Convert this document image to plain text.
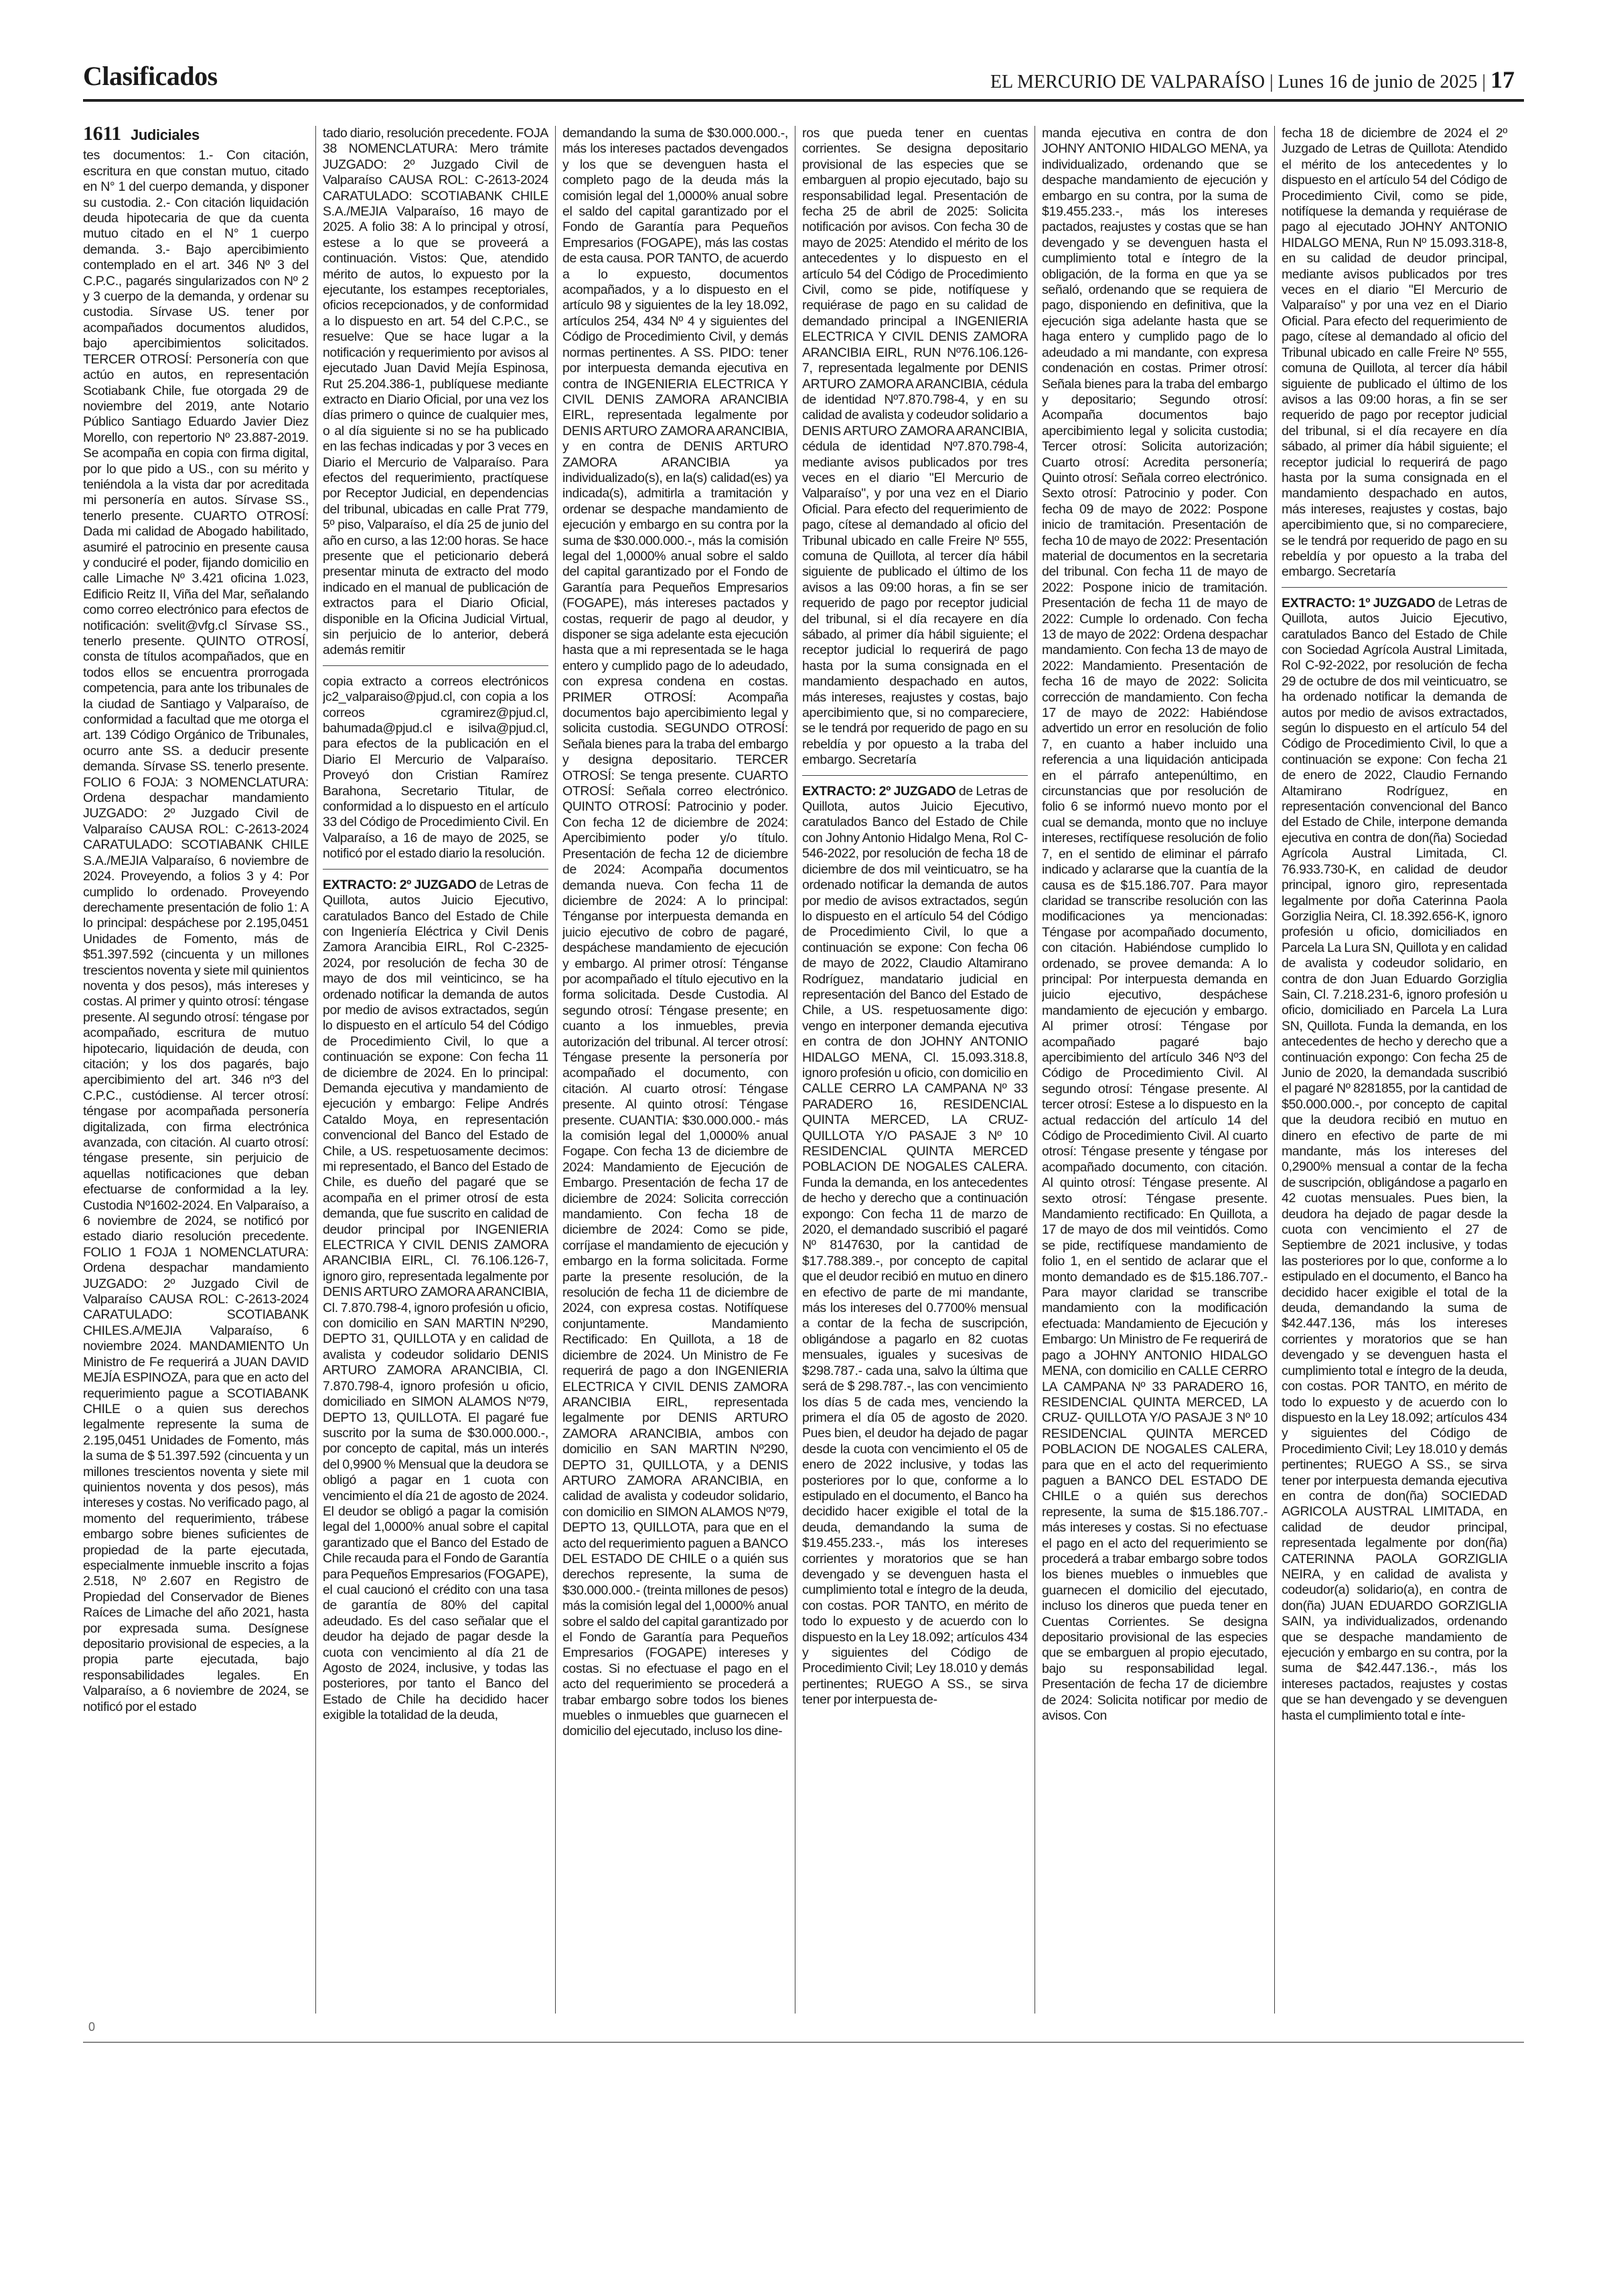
Clasificados	EL MERCURIO DE VALPARAÍSO | Lunes 16 de junio de 2025 | 17
1611 Judiciales

tes documentos: 1.- Con citación, escritura en que constan mutuo, citado en N° 1 del cuerpo demanda, y disponer su custodia. 2.- Con citación liquidación deuda hipotecaria de que da cuenta mutuo citado en el N° 1 cuerpo demanda. 3.- Bajo apercibimiento contemplado en el art. 346 Nº 3 del C.P.C., pagarés singularizados con Nº 2 y 3 cuerpo de la demanda, y ordenar su custodia. Sírvase US. tener por acompañados documentos aludidos, bajo apercibimientos solicitados. TERCER OTROSÍ: Personería con que actúo en autos, en representación Scotiabank Chile, fue otorgada 29 de noviembre del 2019, ante Notario Público Santiago Eduardo Javier Diez Morello, con repertorio Nº 23.887-2019. Se acompaña en copia con firma digital, por lo que pido a US., con su mérito y teniéndola a la vista dar por acreditada mi personería en autos. Sírvase SS., tenerlo presente. CUARTO OTROSÍ: Dada mi calidad de Abogado habilitado, asumiré el patrocinio en presente causa y conduciré el poder, fijando domicilio en calle Limache Nº 3.421 oficina 1.023, Edificio Reitz II, Viña del Mar, señalando como correo electrónico para efectos de notificación: svelit@vfg.cl Sírvase SS., tenerlo presente. QUINTO OTROSÍ, consta de títulos acompañados, que en todos ellos se encuentra prorrogada competencia, para ante los tribunales de la ciudad de Santiago y Valparaíso, de conformidad a facultad que me otorga el art. 139 Código Orgánico de Tribunales, ocurro ante SS. a deducir presente demanda. Sírvase SS. tenerlo presente. FOLIO 6 FOJA: 3 NOMENCLATURA: Ordena despachar mandamiento JUZGADO: 2º Juzgado Civil de Valparaíso CAUSA ROL: C-2613-2024 CARATULADO: SCOTIABANK CHILE S.A./MEJIA Valparaíso, 6 noviembre de 2024. Proveyendo, a folios 3 y 4: Por cumplido lo ordenado. Proveyendo derechamente presentación de folio 1: A lo principal: despáchese por 2.195,0451 Unidades de Fomento, más de $51.397.592 (cincuenta y un millones trescientos noventa y siete mil quinientos noventa y dos pesos), más intereses y costas. Al primer y quinto otrosí: téngase presente. Al segundo otrosí: téngase por acompañado, escritura de mutuo hipotecario, liquidación de deuda, con citación; y los dos pagarés, bajo apercibimiento del art. 346 nº3 del C.P.C., custódiense. Al tercer otrosí: téngase por acompañada personería digitalizada, con firma electrónica avanzada, con citación. Al cuarto otrosí: téngase presente, sin perjuicio de aquellas notificaciones que deban efectuarse de conformidad a la ley. Custodia Nº1602-2024. En Valparaíso, a 6 noviembre de 2024, se notificó por estado diario resolución precedente. FOLIO 1 FOJA 1 NOMENCLATURA: Ordena despachar mandamiento JUZGADO: 2º Juzgado Civil de Valparaíso CAUSA ROL: C-2613-2024 CARATULADO: SCOTIABANK CHILES.A/MEJIA Valparaíso, 6 noviembre 2024. MANDAMIENTO Un Ministro de Fe requerirá a JUAN DAVID MEJÍA ESPINOZA, para que en acto del requerimiento pague a SCOTIABANK CHILE o a quien sus derechos legalmente represente la suma de 2.195,0451 Unidades de Fomento, más la suma de $ 51.397.592 (cincuenta y un millones trescientos noventa y siete mil quinientos noventa y dos pesos), más intereses y costas. No verificado pago, al momento del requerimiento, trábese embargo sobre bienes suficientes de propiedad de la parte ejecutada, especialmente inmueble inscrito a fojas 2.518, Nº 2.607 en Registro de Propiedad del Conservador de Bienes Raíces de Limache del año 2021, hasta por expresada suma. Desígnese depositario provisional de especies, a la propia parte ejecutada, bajo responsabilidades legales. En Valparaíso, a 6 noviembre de 2024, se notificó por el estado

tado diario, resolución precedente. FOJA 38 NOMENCLATURA: Mero trámite JUZGADO: 2º Juzgado Civil de Valparaíso CAUSA ROL: C-2613-2024 CARATULADO: SCOTIABANK CHILE S.A./MEJIA Valparaíso, 16 mayo de 2025. A folio 38: A lo principal y otrosí, estese a lo que se proveerá a continuación. Vistos: Que, atendido mérito de autos, lo expuesto por la ejecutante, los estampes receptoriales, oficios recepcionados, y de conformidad a lo dispuesto en art. 54 del C.P.C., se resuelve: Que se hace lugar a la notificación y requerimiento por avisos al ejecutado Juan David Mejía Espinosa, Rut 25.204.386-1, publíquese mediante extracto en Diario Oficial, por una vez los días primero o quince de cualquier mes, o al día siguiente si no se ha publicado en las fechas indicadas y por 3 veces en Diario el Mercurio de Valparaíso. Para efectos del requerimiento, practíquese por Receptor Judicial, en dependencias del tribunal, ubicadas en calle Prat 779, 5º piso, Valparaíso, el día 25 de junio del año en curso, a las 12:00 horas. Se hace presente que el peticionario deberá presentar minuta de extracto del modo indicado en el manual de publicación de extractos para el Diario Oficial, disponible en la Oficina Judicial Virtual, sin perjuicio de lo anterior, deberá además remitir

copia extracto a correos electrónicos jc2_valparaiso@pjud.cl, con copia a los correos cgramirez@pjud.cl, bahumada@pjud.cl e isilva@pjud.cl, para efectos de la publicación en el Diario El Mercurio de Valparaíso. Proveyó don Cristian Ramírez Barahona, Secretario Titular, de conformidad a lo dispuesto en el artículo 33 del Código de Procedimiento Civil. En Valparaíso, a 16 de mayo de 2025, se notificó por el estado diario la resolución.

EXTRACTO: 2º JUZGADO de Letras de Quillota, autos Juicio Ejecutivo, caratulados Banco del Estado de Chile con Ingeniería Eléctrica y Civil Denis Zamora Arancibia EIRL, Rol C-2325-2024, por resolución de fecha 30 de mayo de dos mil veinticinco, se ha ordenado notificar la demanda de autos por medio de avisos extractados, según lo dispuesto en el artículo 54 del Código de Procedimiento Civil, lo que a continuación se expone: Con fecha 11 de diciembre de 2024. En lo principal: Demanda ejecutiva y mandamiento de ejecución y embargo: Felipe Andrés Cataldo Moya, en representación convencional del Banco del Estado de Chile, a US. respetuosamente decimos: mi representado, el Banco del Estado de Chile, es dueño del pagaré que se acompaña en el primer otrosí de esta demanda, que fue suscrito en calidad de deudor principal por INGENIERIA ELECTRICA Y CIVIL DENIS ZAMORA ARANCIBIA EIRL, Cl. 76.106.126-7, ignoro giro, representada legalmente por DENIS ARTURO ZAMORA ARANCIBIA, Cl. 7.870.798-4, ignoro profesión u oficio, con domicilio en SAN MARTIN Nº290, DEPTO 31, QUILLOTA y en calidad de avalista y codeudor solidario DENIS ARTURO ZAMORA ARANCIBIA, Cl. 7.870.798-4, ignoro profesión u oficio, domiciliado en SIMON ALAMOS Nº79, DEPTO 13, QUILLOTA. El pagaré fue suscrito por la suma de $30.000.000.-, por concepto de capital, más un interés del 0,9900 % Mensual que la deudora se obligó a pagar en 1 cuota con vencimiento el día 21 de agosto de 2024. El deudor se obligó a pagar la comisión legal del 1,0000% anual sobre el capital garantizado que el Banco del Estado de Chile recauda para el Fondo de Garantía para Pequeños Empresarios (FOGAPE), el cual caucionó el crédito con una tasa de garantía de 80% del capital adeudado. Es del caso señalar que el deudor ha dejado de pagar desde la cuota con vencimiento al día 21 de Agosto de 2024, inclusive, y todas las posteriores, por tanto el Banco del Estado de Chile ha decidido hacer exigible la totalidad de la deuda,

demandando la suma de $30.000.000.-, más los intereses pactados devengados y los que se devenguen hasta el completo pago de la deuda más la comisión legal del 1,0000% anual sobre el saldo del capital garantizado por el Fondo de Garantía para Pequeños Empresarios (FOGAPE), más las costas de esta causa. POR TANTO, de acuerdo a lo expuesto, documentos acompañados, y a lo dispuesto en el artículo 98 y siguientes de la ley 18.092, artículos 254, 434 Nº 4 y siguientes del Código de Procedimiento Civil, y demás normas pertinentes. A SS. PIDO: tener por interpuesta demanda ejecutiva en contra de INGENIERIA ELECTRICA Y CIVIL DENIS ZAMORA ARANCIBIA EIRL, representada legalmente por DENIS ARTURO ZAMORA ARANCIBIA, y en contra de DENIS ARTURO ZAMORA ARANCIBIA ya individualizado(s), en la(s) calidad(es) ya indicada(s), admitirla a tramitación y ordenar se despache mandamiento de ejecución y embargo en su contra por la suma de $30.000.000.-, más la comisión legal del 1,0000% anual sobre el saldo del capital garantizado por el Fondo de Garantía para Pequeños Empresarios (FOGAPE), más intereses pactados y costas, requerir de pago al deudor, y disponer se siga adelante esta ejecución hasta que a mi representada se le haga entero y cumplido pago de lo adeudado, con expresa condena en costas. PRIMER OTROSÍ: Acompaña documentos bajo apercibimiento legal y solicita custodia. SEGUNDO OTROSÍ: Señala bienes para la traba del embargo y designa depositario. TERCER OTROSÍ: Se tenga presente. CUARTO OTROSÍ: Señala correo electrónico. QUINTO OTROSÍ: Patrocinio y poder. Con fecha 12 de diciembre de 2024: Apercibimiento poder y/o título. Presentación de fecha 12 de diciembre de 2024: Acompaña documentos demanda nueva. Con fecha 11 de diciembre de 2024: A lo principal: Ténganse por interpuesta demanda en juicio ejecutivo de cobro de pagaré, despáchese mandamiento de ejecución y embargo. Al primer otrosí: Ténganse por acompañado el título ejecutivo en la forma solicitada. Desde Custodia. Al segundo otrosí: Téngase presente; en cuanto a los inmuebles, previa autorización del tribunal. Al tercer otrosí: Téngase presente la personería por acompañado el documento, con citación. Al cuarto otrosí: Téngase presente. Al quinto otrosí: Téngase presente. CUANTIA: $30.000.000.- más la comisión legal del 1,0000% anual Fogape. Con fecha 13 de diciembre de 2024: Mandamiento de Ejecución de Embargo. Presentación de fecha 17 de diciembre de 2024: Solicita corrección mandamiento. Con fecha 18 de diciembre de 2024: Como se pide, corríjase el mandamiento de ejecución y embargo en la forma solicitada. Forme parte la presente resolución, de la resolución de fecha 11 de diciembre de 2024, con expresa costas. Notifíquese conjuntamente. Mandamiento Rectificado: En Quillota, a 18 de diciembre de 2024. Un Ministro de Fe requerirá de pago a don INGENIERIA ELECTRICA Y CIVIL DENIS ZAMORA ARANCIBIA EIRL, representada legalmente por DENIS ARTURO ZAMORA ARANCIBIA, ambos con domicilio en SAN MARTIN Nº290, DEPTO 31, QUILLOTA, y a DENIS ARTURO ZAMORA ARANCIBIA, en calidad de avalista y codeudor solidario, con domicilio en SIMON ALAMOS Nº79, DEPTO 13, QUILLOTA, para que en el acto del requerimiento paguen a BANCO DEL ESTADO DE CHILE o a quién sus derechos represente, la suma de $30.000.000.- (treinta millones de pesos) más la comisión legal del 1,0000% anual sobre el saldo del capital garantizado por el Fondo de Garantía para Pequeños Empresarios (FOGAPE) intereses y costas. Si no efectuase el pago en el acto del requerimiento se procederá a trabar embargo sobre todos los bienes muebles o inmuebles que guarnecen el domicilio del ejecutado, incluso los dine-

ros que pueda tener en cuentas corrientes. Se designa depositario provisional de las especies que se embarguen al propio ejecutado, bajo su responsabilidad legal. Presentación de fecha 25 de abril de 2025: Solicita notificación por avisos. Con fecha 30 de mayo de 2025: Atendido el mérito de los antecedentes y lo dispuesto en el artículo 54 del Código de Procedimiento Civil, como se pide, notifíquese y requiérase de pago en su calidad de demandado principal a INGENIERIA ELECTRICA Y CIVIL DENIS ZAMORA ARANCIBIA EIRL, RUN Nº76.106.126-7, representada legalmente por DENIS ARTURO ZAMORA ARANCIBIA, cédula de identidad Nº7.870.798-4, y en su calidad de avalista y codeudor solidario a DENIS ARTURO ZAMORA ARANCIBIA, cédula de identidad Nº7.870.798-4, mediante avisos publicados por tres veces en el diario "El Mercurio de Valparaíso", y por una vez en el Diario Oficial. Para efecto del requerimiento de pago, cítese al demandado al oficio del Tribunal ubicado en calle Freire Nº 555, comuna de Quillota, al tercer día hábil siguiente de publicado el último de los avisos a las 09:00 horas, a fin se ser requerido de pago por receptor judicial del tribunal, si el día recayere en día sábado, al primer día hábil siguiente; el receptor judicial lo requerirá de pago hasta por la suma consignada en el mandamiento despachado en autos, más intereses, reajustes y costas, bajo apercibimiento que, si no compareciere, se le tendrá por requerido de pago en su rebeldía y por opuesto a la traba del embargo. Secretaría

EXTRACTO: 2º JUZGADO de Letras de Quillota, autos Juicio Ejecutivo, caratulados Banco del Estado de Chile con Johny Antonio Hidalgo Mena, Rol C-546-2022, por resolución de fecha 18 de diciembre de dos mil veinticuatro, se ha ordenado notificar la demanda de autos por medio de avisos extractados, según lo dispuesto en el artículo 54 del Código de Procedimiento Civil, lo que a continuación se expone: Con fecha 06 de mayo de 2022, Claudio Altamirano Rodríguez, mandatario judicial en representación del Banco del Estado de Chile, a US. respetuosamente digo: vengo en interponer demanda ejecutiva en contra de don JOHNY ANTONIO HIDALGO MENA, Cl. 15.093.318.8, ignoro profesión u oficio, con domicilio en CALLE CERRO LA CAMPANA Nº 33 PARADERO 16, RESIDENCIAL QUINTA MERCED, LA CRUZ- QUILLOTA Y/O PASAJE 3 Nº 10 RESIDENCIAL QUINTA MERCED POBLACION DE NOGALES CALERA. Funda la demanda, en los antecedentes de hecho y derecho que a continuación expongo: Con fecha 11 de marzo de 2020, el demandado suscribió el pagaré Nº 8147630, por la cantidad de $17.788.389.-, por concepto de capital que el deudor recibió en mutuo en dinero en efectivo de parte de mi mandante, más los intereses del 0.7700% mensual a contar de la fecha de suscripción, obligándose a pagarlo en 82 cuotas mensuales, iguales y sucesivas de $298.787.- cada una, salvo la última que será de $ 298.787.-, las con vencimiento los días 5 de cada mes, venciendo la primera el día 05 de agosto de 2020. Pues bien, el deudor ha dejado de pagar desde la cuota con vencimiento el 05 de enero de 2022 inclusive, y todas las posteriores por lo que, conforme a lo estipulado en el documento, el Banco ha decidido hacer exigible el total de la deuda, demandando la suma de $19.455.233.-, más los intereses corrientes y moratorios que se han devengado y se devenguen hasta el cumplimiento total e íntegro de la deuda, con costas. POR TANTO, en mérito de todo lo expuesto y de acuerdo con lo dispuesto en la Ley 18.092; artículos 434 y siguientes del Código de Procedimiento Civil; Ley 18.010 y demás pertinentes; RUEGO A SS., se sirva tener por interpuesta de-

manda ejecutiva en contra de don JOHNY ANTONIO HIDALGO MENA, ya individualizado, ordenando que se despache mandamiento de ejecución y embargo en su contra, por la suma de $19.455.233.-, más los intereses pactados, reajustes y costas que se han devengado y se devenguen hasta el cumplimiento total e íntegro de la obligación, de la forma en que ya se señaló, ordenando que se requiera de pago, disponiendo en definitiva, que la ejecución siga adelante hasta que se haga entero y cumplido pago de lo adeudado a mi mandante, con expresa condenación en costas. Primer otrosí: Señala bienes para la traba del embargo y depositario; Segundo otrosí: Acompaña documentos bajo apercibimiento legal y solicita custodia; Tercer otrosí: Solicita autorización; Cuarto otrosí: Acredita personería; Quinto otrosí: Señala correo electrónico. Sexto otrosí: Patrocinio y poder. Con fecha 09 de mayo de 2022: Pospone inicio de tramitación. Presentación de fecha 10 de mayo de 2022: Presentación material de documentos en la secretaria del tribunal. Con fecha 11 de mayo de 2022: Pospone inicio de tramitación. Presentación de fecha 11 de mayo de 2022: Cumple lo ordenado. Con fecha 13 de mayo de 2022: Ordena despachar mandamiento. Con fecha 13 de mayo de 2022: Mandamiento. Presentación de fecha 16 de mayo de 2022: Solicita corrección de mandamiento. Con fecha 17 de mayo de 2022: Habiéndose advertido un error en resolución de folio 7, en cuanto a haber incluido una referencia a una liquidación anticipada en el párrafo antepenúltimo, en circunstancias que por resolución de folio 6 se informó nuevo monto por el cual se demanda, monto que no incluye intereses, rectifíquese resolución de folio 7, en el sentido de eliminar el párrafo indicado y aclararse que la cuantía de la causa es de $15.186.707. Para mayor claridad se transcribe resolución con las modificaciones ya mencionadas: Téngase por acompañado documento, con citación. Habiéndose cumplido lo ordenado, se provee demanda: A lo principal: Por interpuesta demanda en juicio ejecutivo, despáchese mandamiento de ejecución y embargo. Al primer otrosí: Téngase por acompañado pagaré bajo apercibimiento del artículo 346 Nº3 del Código de Procedimiento Civil. Al segundo otrosí: Téngase presente. Al tercer otrosí: Estese a lo dispuesto en la actual redacción del artículo 14 del Código de Procedimiento Civil. Al cuarto otrosí: Téngase presente y téngase por acompañado documento, con citación. Al quinto otrosí: Téngase presente. Al sexto otrosí: Téngase presente. Mandamiento rectificado: En Quillota, a 17 de mayo de dos mil veintidós. Como se pide, rectifíquese mandamiento de folio 1, en el sentido de aclarar que el monto demandado es de $15.186.707.- Para mayor claridad se transcribe mandamiento con la modificación efectuada: Mandamiento de Ejecución y Embargo: Un Ministro de Fe requerirá de pago a JOHNY ANTONIO HIDALGO MENA, con domicilio en CALLE CERRO LA CAMPANA Nº 33 PARADERO 16, RESIDENCIAL QUINTA MERCED, LA CRUZ- QUILLOTA Y/O PASAJE 3 Nº 10 RESIDENCIAL QUINTA MERCED POBLACION DE NOGALES CALERA, para que en el acto del requerimiento paguen a BANCO DEL ESTADO DE CHILE o a quién sus derechos represente, la suma de $15.186.707.- más intereses y costas. Si no efectuase el pago en el acto del requerimiento se procederá a trabar embargo sobre todos los bienes muebles o inmuebles que guarnecen el domicilio del ejecutado, incluso los dineros que pueda tener en Cuentas Corrientes. Se designa depositario provisional de las especies que se embarguen al propio ejecutado, bajo su responsabilidad legal. Presentación de fecha 17 de diciembre de 2024: Solicita notificar por medio de avisos. Con

fecha 18 de diciembre de 2024 el 2º Juzgado de Letras de Quillota: Atendido el mérito de los antecedentes y lo dispuesto en el artículo 54 del Código de Procedimiento Civil, como se pide, notifíquese la demanda y requiérase de pago al ejecutado JOHNY ANTONIO HIDALGO MENA, Run Nº 15.093.318-8, en su calidad de deudor principal, mediante avisos publicados por tres veces en el diario "El Mercurio de Valparaíso" y por una vez en el Diario Oficial. Para efecto del requerimiento de pago, cítese al demandado al oficio del Tribunal ubicado en calle Freire Nº 555, comuna de Quillota, al tercer día hábil siguiente de publicado el último de los avisos a las 09:00 horas, a fin se ser requerido de pago por receptor judicial del tribunal, si el día recayere en día sábado, al primer día hábil siguiente; el receptor judicial lo requerirá de pago hasta por la suma consignada en el mandamiento despachado en autos, más intereses, reajustes y costas, bajo apercibimiento que, si no compareciere, se le tendrá por requerido de pago en su rebeldía y por opuesto a la traba del embargo. Secretaría

EXTRACTO: 1º JUZGADO de Letras de Quillota, autos Juicio Ejecutivo, caratulados Banco del Estado de Chile con Sociedad Agrícola Austral Limitada, Rol C-92-2022, por resolución de fecha 29 de octubre de dos mil veinticuatro, se ha ordenado notificar la demanda de autos por medio de avisos extractados, según lo dispuesto en el artículo 54 del Código de Procedimiento Civil, lo que a continuación se expone: Con fecha 21 de enero de 2022, Claudio Fernando Altamirano Rodríguez, en representación convencional del Banco del Estado de Chile, interpone demanda ejecutiva en contra de don(ña) Sociedad Agrícola Austral Limitada, Cl. 76.933.730-K, en calidad de deudor principal, ignoro giro, representada legalmente por doña Caterinna Paola Gorziglia Neira, Cl. 18.392.656-K, ignoro profesión u oficio, domiciliados en Parcela La Lura SN, Quillota y en calidad de avalista y codeudor solidario, en contra de don Juan Eduardo Gorziglia Sain, Cl. 7.218.231-6, ignoro profesión u oficio, domiciliado en Parcela La Lura SN, Quillota. Funda la demanda, en los antecedentes de hecho y derecho que a continuación expongo: Con fecha 25 de Junio de 2020, la demandada suscribió el pagaré Nº 8281855, por la cantidad de $50.000.000.-, por concepto de capital que la deudora recibió en mutuo en dinero en efectivo de parte de mi mandante, más los intereses del 0,2900% mensual a contar de la fecha de suscripción, obligándose a pagarlo en 42 cuotas mensuales. Pues bien, la deudora ha dejado de pagar desde la cuota con vencimiento el 27 de Septiembre de 2021 inclusive, y todas las posteriores por lo que, conforme a lo estipulado en el documento, el Banco ha decidido hacer exigible el total de la deuda, demandando la suma de $42.447.136, más los intereses corrientes y moratorios que se han devengado y se devenguen hasta el cumplimiento total e íntegro de la deuda, con costas. POR TANTO, en mérito de todo lo expuesto y de acuerdo con lo dispuesto en la Ley 18.092; artículos 434 y siguientes del Código de Procedimiento Civil; Ley 18.010 y demás pertinentes; RUEGO A SS., se sirva tener por interpuesta demanda ejecutiva en contra de don(ña) SOCIEDAD AGRICOLA AUSTRAL LIMITADA, en calidad de deudor principal, representada legalmente por don(ña) CATERINNA PAOLA GORZIGLIA NEIRA, y en calidad de avalista y codeudor(a) solidario(a), en contra de don(ña) JUAN EDUARDO GORZIGLIA SAIN, ya individualizados, ordenando que se despache mandamiento de ejecución y embargo en su contra, por la suma de $42.447.136.-, más los intereses pactados, reajustes y costas que se han devengado y se devenguen hasta el cumplimiento total e ínte-

0
